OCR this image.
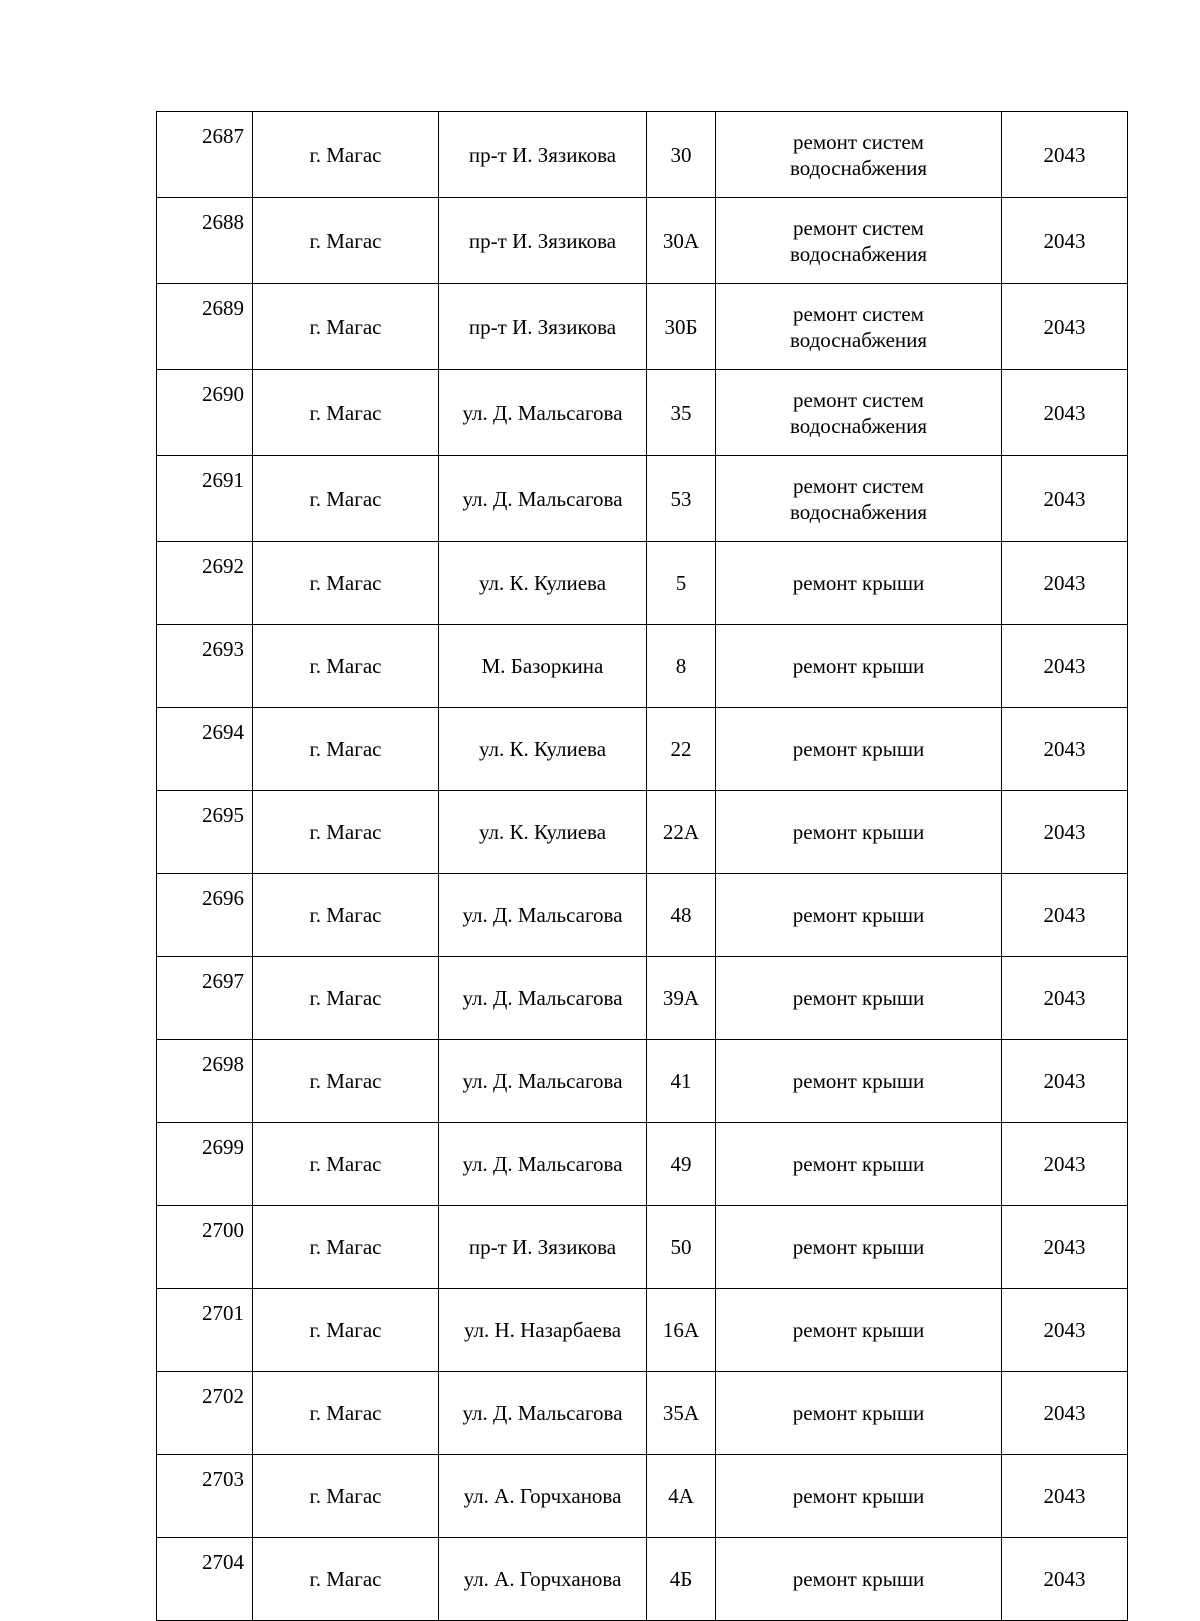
2687	г. Магас	пр-т И. Зязикова	30	ремонт систем водоснабжения	2043
2688	г. Магас	пр-т И. Зязикова	30А	ремонт систем водоснабжения	2043
2689	г. Магас	пр-т И. Зязикова	30Б	ремонт систем водоснабжения	2043
2690	г. Магас	ул. Д. Мальсагова	35	ремонт систем водоснабжения	2043
2691	г. Магас	ул. Д. Мальсагова	53	ремонт систем водоснабжения	2043
2692	г. Магас	ул. К. Кулиева	5	ремонт крыши	2043
2693	г. Магас	М. Базоркина	8	ремонт крыши	2043
2694	г. Магас	ул. К. Кулиева	22	ремонт крыши	2043
2695	г. Магас	ул. К. Кулиева	22А	ремонт крыши	2043
2696	г. Магас	ул. Д. Мальсагова	48	ремонт крыши	2043
2697	г. Магас	ул. Д. Мальсагова	39А	ремонт крыши	2043
2698	г. Магас	ул. Д. Мальсагова	41	ремонт крыши	2043
2699	г. Магас	ул. Д. Мальсагова	49	ремонт крыши	2043
2700	г. Магас	пр-т И. Зязикова	50	ремонт крыши	2043
2701	г. Магас	ул. Н. Назарбаева	16А	ремонт крыши	2043
2702	г. Магас	ул. Д. Мальсагова	35А	ремонт крыши	2043
2703	г. Магас	ул. А. Горчханова	4А	ремонт крыши	2043
2704	г. Магас	ул. А. Горчханова	4Б	ремонт крыши	2043
